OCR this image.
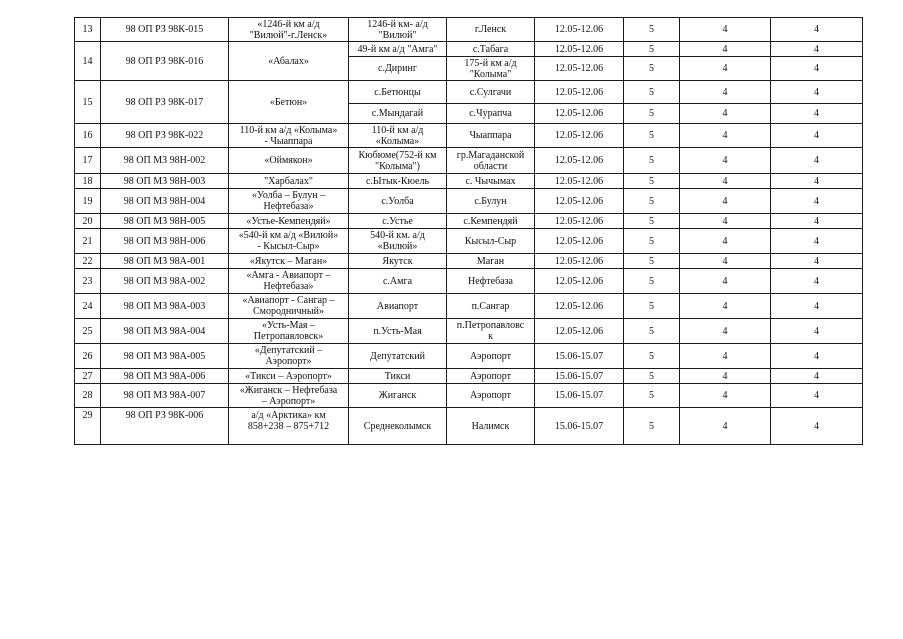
13	98 ОП РЗ 98К-015	«1246-й км а/д
"Вилюй"-г.Ленск»	1246-й км- а/д
"Вилюй"	г.Ленск	12.05-12.06	5	4	4
14	98 ОП РЗ 98К-016	«Абалах»	49-й км а/д "Амга"	с.Табага	12.05-12.06	5	4	4
			с.Диринг	175-й км а/д
"Колыма"	12.05-12.06	5	4	4
15	98 ОП РЗ 98К-017	«Бетюн»	с.Бетюнцы	с.Сулгачи	12.05-12.06	5	4	4
			с.Мындагай	с.Чурапча	12.05-12.06	5	4	4
16	98 ОП РЗ 98К-022	110-й км а/д «Колыма»
- Чыаппара	110-й км а/д
«Колыма»	Чыаппара	12.05-12.06	5	4	4
17	98 ОП МЗ 98Н-002	«Оймякон»	Кюбюме(752-й км
"Колыма")	гр.Магаданской
области	12.05-12.06	5	4	4
18	98 ОП МЗ 98Н-003	"Харбалах"	с.Ытык-Кюель	с. Чычымах	12.05-12.06	5	4	4
19	98 ОП МЗ 98Н-004	«Уолба – Булун –
Нефтебаза»	с.Уолба	с.Булун	12.05-12.06	5	4	4
20	98 ОП МЗ 98Н-005	«Устье-Кемпендяй»	с.Устье	с.Кемпендяй	12.05-12.06	5	4	4
21	98 ОП МЗ 98Н-006	«540-й км а/д «Вилюй»
- Кысыл-Сыр»	540-й км. а/д
«Вилюй»	Кысыл-Сыр	12.05-12.06	5	4	4
22	98 ОП МЗ 98А-001	«Якутск – Маган»	Якутск	Маган	12.05-12.06	5	4	4
23	98 ОП МЗ 98А-002	«Амга - Авиапорт –
Нефтебаза»	с.Амга	Нефтебаза	12.05-12.06	5	4	4
24	98 ОП МЗ 98А-003	«Авиапорт - Сангар –
Смородничный»	Авиапорт	п.Сангар	12.05-12.06	5	4	4
25	98 ОП МЗ 98А-004	«Усть-Мая –
Петропавловск»	п.Усть-Мая	п.Петропавловс
к	12.05-12.06	5	4	4
26	98 ОП МЗ 98А-005	«Депутатский –
Аэропорт»	Депутатский	Аэропорт	15.06-15.07	5	4	4
27	98 ОП МЗ 98А-006	«Тикси – Аэропорт»	Тикси	Аэропорт	15.06-15.07	5	4	4
28	98 ОП МЗ 98А-007	«Жиганск – Нефтебаза
– Аэропорт»	Жиганск	Аэропорт	15.06-15.07	5	4	4
29	98 ОП РЗ 98К-006	а/д «Арктика» км
858+238 – 875+712	Среднеколымск	Налимск	15.06-15.07	5	4	4
